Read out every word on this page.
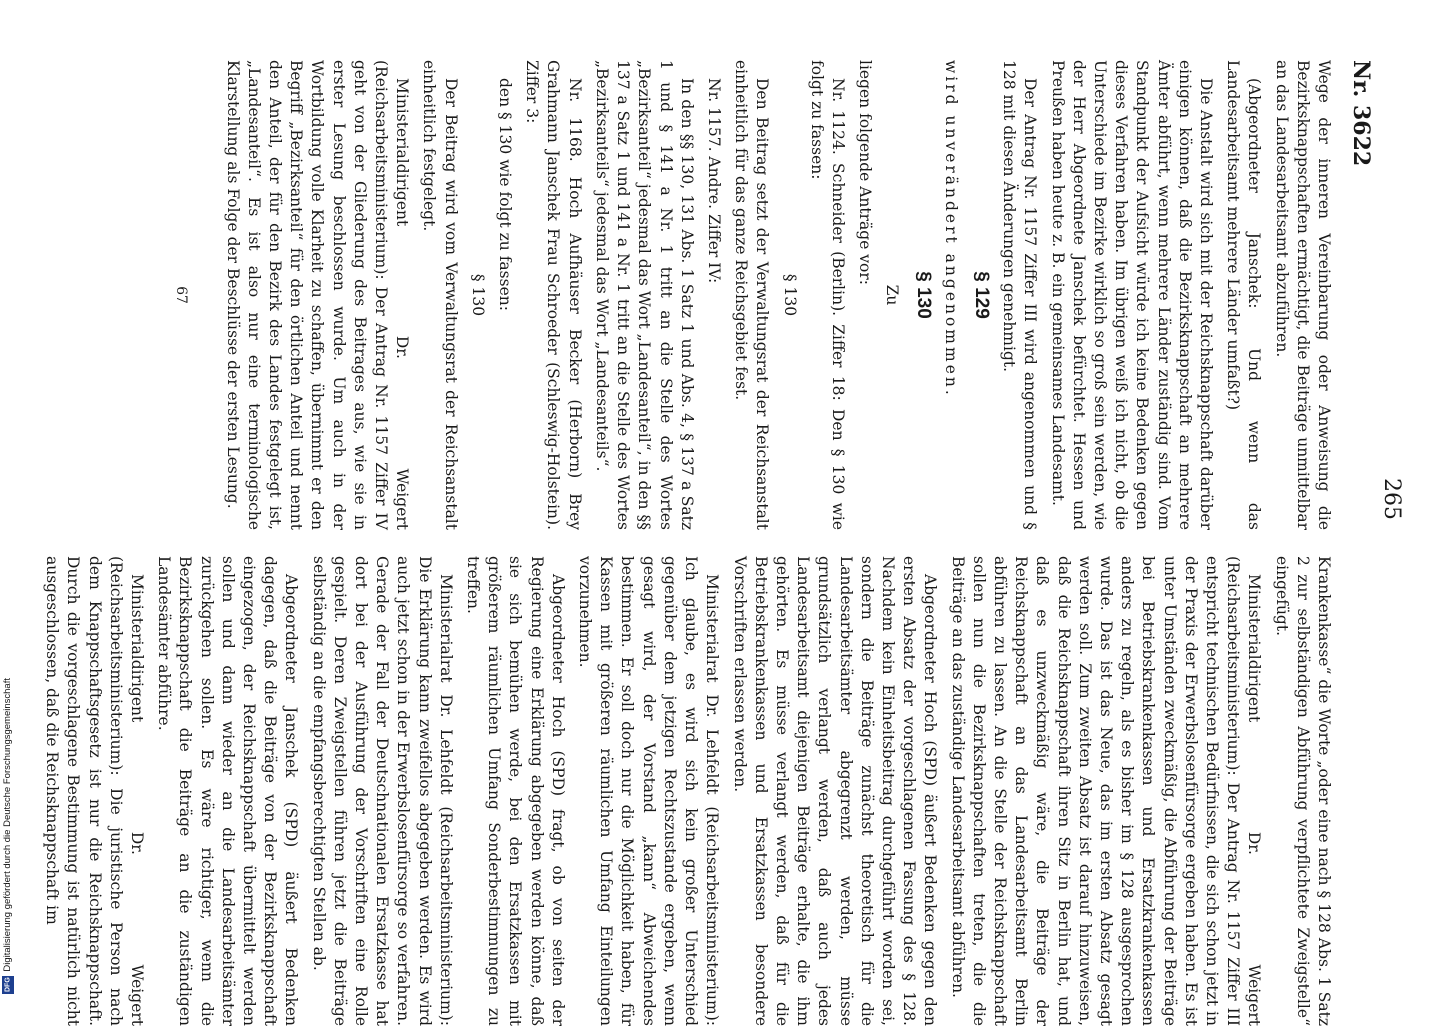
Nr. 3622
265

Wege der inneren Vereinbarung oder Anweisung die Bezirksknappschaften ermächtigt, die Beiträge unmittelbar an das Landesarbeitsamt abzuführen.

(Abgeordneter Janschek: Und wenn das Landesarbeitsamt mehrere Länder umfaßt?)

Die Anstalt wird sich mit der Reichsknappschaft darüber einigen können, daß die Bezirksknappschaft an mehrere Ämter abführt, wenn mehrere Länder zuständig sind. Vom Standpunkt der Aufsicht würde ich keine Bedenken gegen dieses Verfahren haben. Im übrigen weiß ich nicht, ob die Unterschiede im Bezirke wirklich so groß sein werden, wie der Herr Abgeordnete Janschek befürchtet. Hessen und Preußen haben heute z. B. ein gemeinsames Landesamt.

Der Antrag Nr. 1157 Ziffer III wird angenommen und § 128 mit diesen Änderungen genehmigt.

§ 129

wird unverändert angenommen.

§ 130

Zu

liegen folgende Anträge vor:

Nr. 1124. Schneider (Berlin). Ziffer 18: Den § 130 wie folgt zu fassen:

§ 130

Den Beitrag setzt der Verwaltungsrat der Reichsanstalt einheitlich für das ganze Reichsgebiet fest.

Nr. 1157. Andre. Ziffer IV:

In den §§ 130, 131 Abs. 1 Satz 1 und Abs. 4, § 137 a Satz 1 und § 141 a Nr. 1 tritt an die Stelle des Wortes „Bezirksanteil“ jedesmal das Wort „Landesanteil“, in den §§ 137 a Satz 1 und 141 a Nr. 1 tritt an die Stelle des Wortes „Bezirksanteils“ jedesmal das Wort „Landesanteils“.

Nr. 1168. Hoch Aufhäuser Becker (Herborn) Brey Grahmann Janschek Frau Schroeder (Schleswig-Holstein). Ziffer 3:

den § 130 wie folgt zu fassen:

§ 130

Der Beitrag wird vom Verwaltungsrat der Reichsanstalt einheitlich festgelegt.

Ministerialdirigent Dr. Weigert (Reichsarbeitsministerium): Der Antrag Nr. 1157 Ziffer IV geht von der Gliederung des Beitrages aus, wie sie in erster Lesung beschlossen wurde. Um auch in der Wortbildung volle Klarheit zu schaffen, übernimmt er den Begriff „Bezirksanteil“ für den örtlichen Anteil und nennt den Anteil, der für den Bezirk des Landes festgelegt ist, „Landesanteil“. Es ist also nur eine terminologische Klarstellung als Folge der Beschlüsse der ersten Lesung.

67

Krankenkasse“ die Worte „oder eine nach § 128 Abs. 1 Satz 2 zur selbständigen Abführung verpflichtete Zweigstelle“ eingefügt.

Ministerialdirigent Dr. Weigert (Reichsarbeitsministerium): Der Antrag Nr. 1157 Ziffer III entspricht technischen Bedürfnissen, die sich schon jetzt in der Praxis der Erwerbslosenfürsorge ergeben haben. Es ist unter Umständen zweckmäßig, die Abführung der Beiträge bei Betriebskrankenkassen und Ersatzkrankenkassen anders zu regeln, als es bisher im § 128 ausgesprochen wurde. Das ist das Neue, das im ersten Absatz gesagt werden soll. Zum zweiten Absatz ist darauf hinzuweisen, daß die Reichsknappschaft ihren Sitz in Berlin hat, und daß es unzweckmäßig wäre, die Beiträge der Reichsknappschaft an das Landesarbeitsamt Berlin abführen zu lassen. An die Stelle der Reichsknappschaft sollen nun die Bezirksknappschaften treten, die die Beiträge an das zuständige Landesarbeitsamt abführen.

Abgeordneter Hoch (SPD) äußert Bedenken gegen den ersten Absatz der vorgeschlagenen Fassung des § 128. Nachdem kein Einheitsbeitrag durchgeführt worden sei, sondern die Beiträge zunächst theoretisch für die Landesarbeitsämter abgegrenzt werden, müsse grundsätzlich verlangt werden, daß auch jedes Landesarbeitsamt diejenigen Beiträge erhalte, die ihm gehörten. Es müsse verlangt werden, daß für die Betriebskrankenkassen und Ersatzkassen besondere Vorschriften erlassen werden.

Ministerialrat Dr. Lehfeldt (Reichsarbeitsministerium): Ich glaube, es wird sich kein großer Unterschied gegenüber dem jetzigen Rechtszustande ergeben, wenn gesagt wird, der Vorstand „kann“ Abweichendes bestimmen. Er soll doch nur die Möglichkeit haben, für Kassen mit größeren räumlichen Umfang Einteilungen vorzunehmen.

Abgeordneter Hoch (SPD) fragt, ob von seiten der Regierung eine Erklärung abgegeben werden könne, daß sie sich bemühen werde, bei den Ersatzkassen mit größerem räumlichen Umfang Sonderbestimmungen zu treffen.

Ministerialrat Dr. Lehfeldt (Reichsarbeitsministerium): Die Erklärung kann zweifellos abgegeben werden. Es wird auch jetzt schon in der Erwerbslosenfürsorge so verfahren. Gerade der Fall der Deutschnationalen Ersatzkasse hat dort bei der Ausführung der Vorschriften eine Rolle gespielt. Deren Zweigstellen führen jetzt die Beiträge selbständig an die empfangsberechtigten Stellen ab.

Abgeordneter Janschek (SPD) äußert Bedenken dagegen, daß die Beiträge von der Bezirksknappschaft eingezogen, der Reichsknappschaft übermittelt werden sollen und dann wieder an die Landesarbeitsämter zurückgehen sollen. Es wäre richtiger, wenn die Bezirksknappschaft die Beiträge an die zuständigen Landesämter abführe.

Ministerialdirigent Dr. Weigert (Reichsarbeitsministerium): Die juristische Person nach dem Knappschaftsgesetz ist nur die Reichsknappschaft. Durch die vorgeschlagene Bestimmung ist natürlich nicht ausgeschlossen, daß die Reichsknappschaft im

Digitalisierung gefördert durch die Deutsche Forschungsgemeinschaft
DFG
